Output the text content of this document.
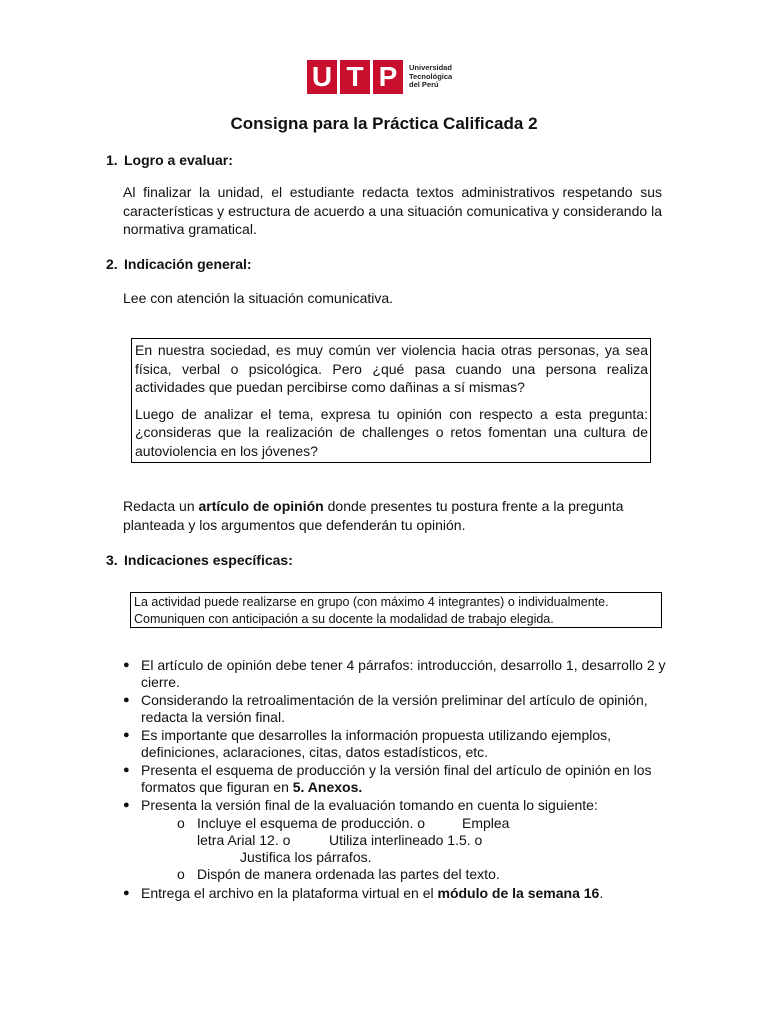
U T P	Universidad
Tecnológica
del Perú
Consigna para la Práctica Calificada 2
1. Logro a evaluar:
Al finalizar la unidad, el estudiante redacta textos administrativos respetando sus características y estructura de acuerdo a una situación comunicativa y considerando la normativa gramatical.
2. Indicación general:
Lee con atención la situación comunicativa.

En nuestra sociedad, es muy común ver violencia hacia otras personas, ya sea física, verbal o psicológica. Pero ¿qué pasa cuando una persona realiza actividades que puedan percibirse como dañinas a sí mismas?

Luego de analizar el tema, expresa tu opinión con respecto a esta pregunta: ¿consideras que la realización de challenges o retos fomentan una cultura de autoviolencia en los jóvenes?

Redacta un artículo de opinión donde presentes tu postura frente a la pregunta planteada y los argumentos que defenderán tu opinión.
3. Indicaciones específicas:
La actividad puede realizarse en grupo (con máximo 4 integrantes) o individualmente.
Comuniquen con anticipación a su docente la modalidad de trabajo elegida.
● El artículo de opinión debe tener 4 párrafos: introducción, desarrollo 1, desarrollo 2 y
cierre.
● Considerando la retroalimentación de la versión preliminar del artículo de opinión,
redacta la versión final.
● Es importante que desarrolles la información propuesta utilizando ejemplos,
definiciones, aclaraciones, citas, datos estadísticos, etc.
● Presenta el esquema de producción y la versión final del artículo de opinión en los
formatos que figuran en 5. Anexos.
● Presenta la versión final de la evaluación tomando en cuenta lo siguiente:
o Incluye el esquema de producción. o	Emplea
letra Arial 12. o	Utiliza interlineado 1.5. o
Justifica los párrafos.
o Dispón de manera ordenada las partes del texto.
● Entrega el archivo en la plataforma virtual en el módulo de la semana 16.
